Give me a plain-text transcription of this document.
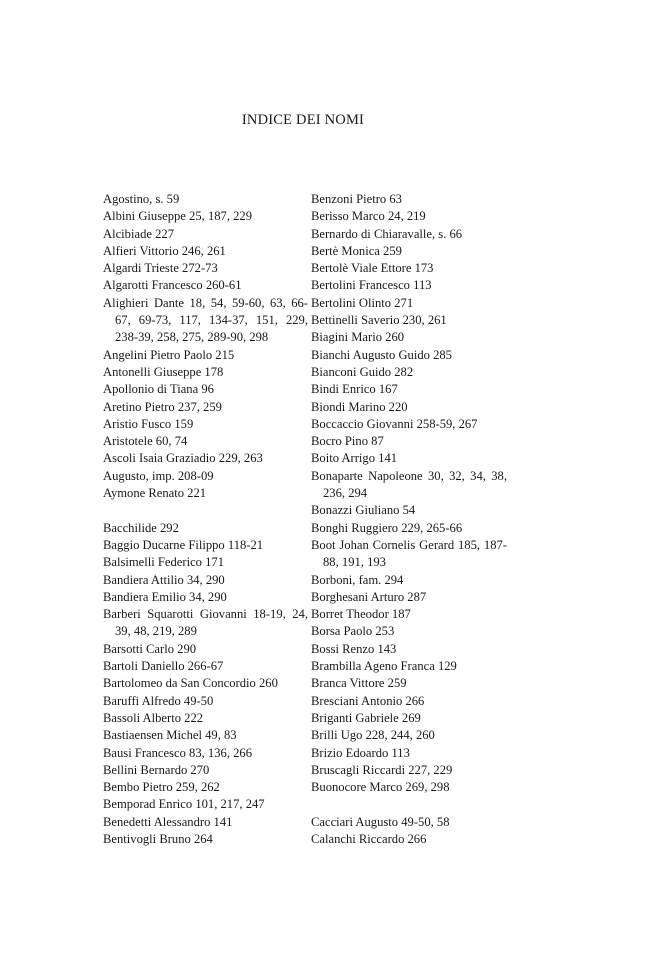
INDICE DEI NOMI
Agostino, s. 59
Albini Giuseppe 25, 187, 229
Alcibiade 227
Alfieri Vittorio 246, 261
Algardi Trieste 272-73
Algarotti Francesco 260-61
Alighieri Dante 18, 54, 59-60, 63, 66-67, 69-73, 117, 134-37, 151, 229, 238-39, 258, 275, 289-90, 298
Angelini Pietro Paolo 215
Antonelli Giuseppe 178
Apollonio di Tiana 96
Aretino Pietro 237, 259
Aristio Fusco 159
Aristotele 60, 74
Ascoli Isaia Graziadio 229, 263
Augusto, imp. 208-09
Aymone Renato 221
Bacchilide 292
Baggio Ducarne Filippo 118-21
Balsimelli Federico 171
Bandiera Attilio 34, 290
Bandiera Emilio 34, 290
Barberi Squarotti Giovanni 18-19, 24, 39, 48, 219, 289
Barsotti Carlo 290
Bartoli Daniello 266-67
Bartolomeo da San Concordio 260
Baruffi Alfredo 49-50
Bassoli Alberto 222
Bastiaensen Michel 49, 83
Bausi Francesco 83, 136, 266
Bellini Bernardo 270
Bembo Pietro 259, 262
Bemporad Enrico 101, 217, 247
Benedetti Alessandro 141
Bentivogli Bruno 264
Benzoni Pietro 63
Berisso Marco 24, 219
Bernardo di Chiaravalle, s. 66
Bertè Monica 259
Bertolè Viale Ettore 173
Bertolini Francesco 113
Bertolini Olinto 271
Bettinelli Saverio 230, 261
Biagini Mario 260
Bianchi Augusto Guido 285
Bianconi Guido 282
Bindi Enrico 167
Biondi Marino 220
Boccaccio Giovanni 258-59, 267
Bocro Pino 87
Boito Arrigo 141
Bonaparte Napoleone 30, 32, 34, 38, 236, 294
Bonazzi Giuliano 54
Bonghi Ruggiero 229, 265-66
Boot Johan Cornelis Gerard 185, 187-88, 191, 193
Borboni, fam. 294
Borghesani Arturo 287
Borret Theodor 187
Borsa Paolo 253
Bossi Renzo 143
Brambilla Ageno Franca 129
Branca Vittore 259
Bresciani Antonio 266
Briganti Gabriele 269
Brilli Ugo 228, 244, 260
Brizio Edoardo 113
Bruscagli Riccardi 227, 229
Buonocore Marco 269, 298
Cacciari Augusto 49-50, 58
Calanchi Riccardo 266
